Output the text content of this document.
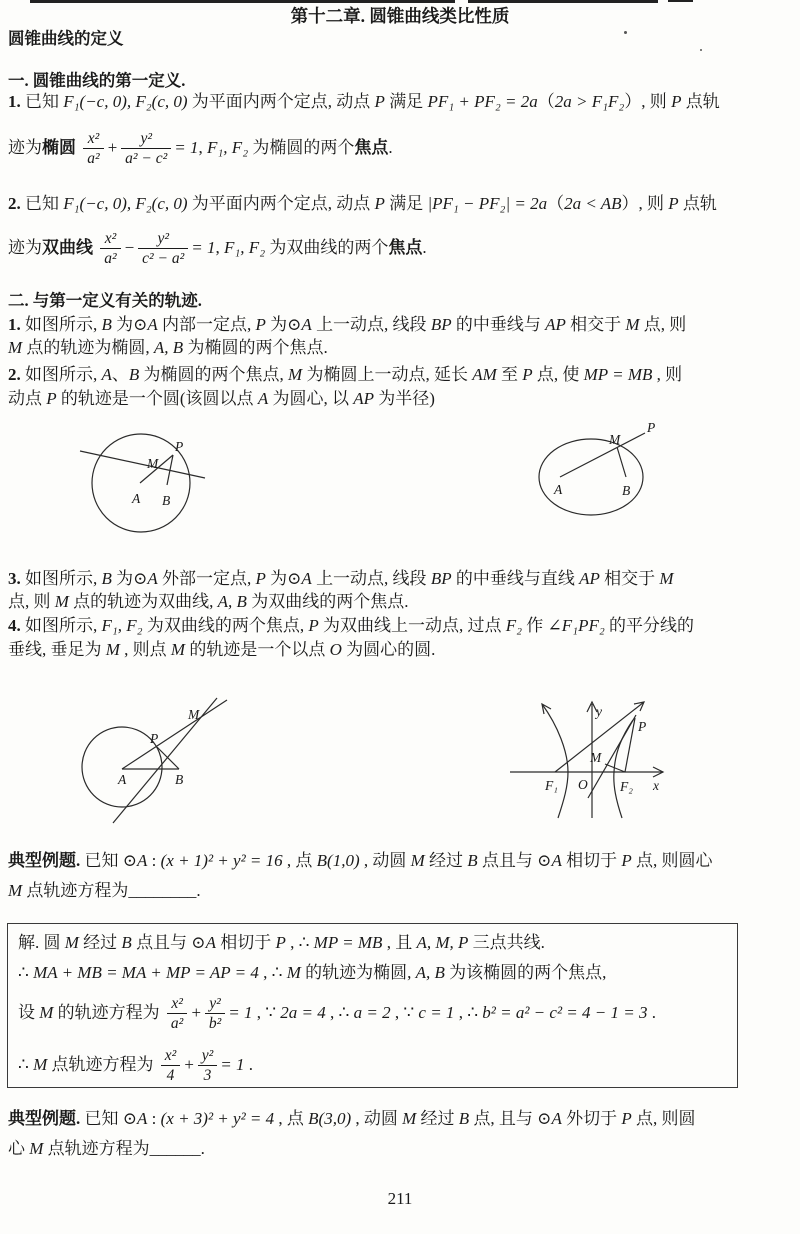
第十二章. 圆锥曲线类比性质
圆锥曲线的定义
一. 圆锥曲线的第一定义.
1. 已知 F₁(−c, 0), F₂(c, 0) 为平面内两个定点, 动点 P 满足 PF₁ + PF₂ = 2a（2a > F₁F₂）, 则 P 点轨
迹为椭圆 $\frac{\text{x²}}{\text{a²}} + \frac{\text{y²}}{\text{a² − c²}} = 1$, F₁, F₂ 为椭圆的两个焦点.
2. 已知 F₁(−c, 0), F₂(c, 0) 为平面内两个定点, 动点 P 满足 |PF₁ − PF₂| = 2a（2a < AB）, 则 P 点轨
迹为双曲线 $\frac{\text{x²}}{\text{a²}} - \frac{\text{y²}}{\text{c² − a²}} = 1$, F₁, F₂ 为双曲线的两个焦点.
二. 与第一定义有关的轨迹.
1. 如图所示, B 为⊙A 内部一定点, P 为⊙A 上一动点, 线段 BP 的中垂线与 AP 相交于 M 点, 则
M 点的轨迹为椭圆, A, B 为椭圆的两个焦点.
2. 如图所示, A、B 为椭圆的两个焦点, M 为椭圆上一动点, 延长 AM 至 P 点, 使 MP = MB , 则
动点 P 的轨迹是一个圆(该圆以点 A 为圆心, 以 AP 为半径)
P
M
A B
M
P
A	B
3. 如图所示, B 为⊙A 外部一定点, P 为⊙A 上一动点, 线段 BP 的中垂线与直线 AP 相交于 M
点, 则 M 点的轨迹为双曲线, A, B 为双曲线的两个焦点.
4. 如图所示, F₁, F₂ 为双曲线的两个焦点, P 为双曲线上一动点, 过点 F₂ 作 ∠F₁PF₂ 的平分线的
垂线, 垂足为 M , 则点 M 的轨迹是一个以点 O 为圆心的圆.
M
P
A	B
y
x
O
F₁	F₂
P
M
典型例题. 已知 ⊙A : (x + 1)² + y² = 16 , 点 B(1,0) , 动圆 M 经过 B 点且与 ⊙A 相切于 P 点, 则圆心
M 点轨迹方程为________.
解. 圆 M 经过 B 点且与 ⊙A 相切于 P , ∴ MP = MB , 且 A, M, P 三点共线.
∴ MA + MB = MA + MP = AP = 4 , ∴ M 的轨迹为椭圆, A, B 为该椭圆的两个焦点,
设 M 的轨迹方程为 $\frac{\text{x²}}{\text{a²}} + \frac{\text{y²}}{\text{b²}} = 1$ , ∵ 2a = 4 , ∴ a = 2 , ∵ c = 1 , ∴ b² = a² − c² = 4 − 1 = 3 .
∴ M 点轨迹方程为 $\frac{\text{x²}}{4} + \frac{\text{y²}}{3} = 1$ .
典型例题. 已知 ⊙A : (x + 3)² + y² = 4 , 点 B(3,0) , 动圆 M 经过 B 点, 且与 ⊙A 外切于 P 点, 则圆
心 M 点轨迹方程为______.
211
